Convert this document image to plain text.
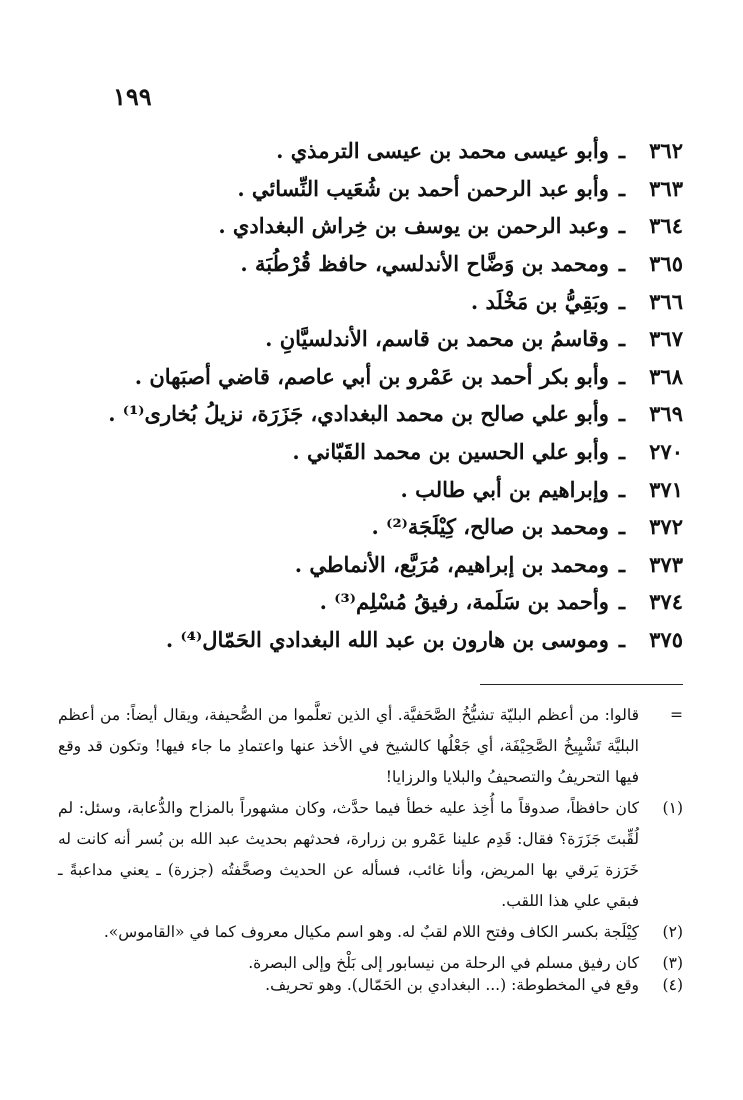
١٩٩
٣٦٢
ـ
وأبو عيسى محمد بن عيسى الترمذي .
٣٦٣
ـ
وأبو عبد الرحمن أحمد بن شُعَيب النِّسائي .
٣٦٤
ـ
وعبد الرحمن بن يوسف بن خِراش البغدادي .
٣٦٥
ـ
ومحمد بن وَضَّاح الأندلسي، حافظ قُرْطُبَة .
٣٦٦
ـ
وبَقِيُّ بن مَخْلَد .
٣٦٧
ـ
وقاسمُ بن محمد بن قاسم، الأندلسيَّانِ .
٣٦٨
ـ
وأبو بكر أحمد بن عَمْرو بن أبي عاصم، قاضي أصبَهان .
٣٦٩
ـ
وأبو علي صالح بن محمد البغدادي، جَزَرَة، نزيلُ بُخارى⁽¹⁾ .
٢٧٠
ـ
وأبو علي الحسين بن محمد القَبّاني .
٣٧١
ـ
وإبراهيم بن أبي طالب .
٣٧٢
ـ
ومحمد بن صالح، كِيْلَجَة⁽²⁾ .
٣٧٣
ـ
ومحمد بن إبراهيم، مُرَبَّع، الأنماطي .
٣٧٤
ـ
وأحمد بن سَلَمة، رفيقُ مُسْلِم⁽³⁾ .
٣٧٥
ـ
وموسى بن هارون بن عبد الله البغدادي الحَمّال⁽⁴⁾ .
=
قالوا: من أعظم البليّة تشيُّخُ الصَّحَفيَّة. أي الذين تعلَّموا من الصُّحيفة، ويقال أيضاً: من أعظم البليَّة تَشْيِيخُ الصَّحِيْفَة، أي جَعْلُها كالشيخ في الأخذ عنها واعتمادِ ما جاء فيها! وتكون قد وقع فيها التحريفُ والتصحيفُ والبلايا والرزايا!
(١)
كان حافظاً، صدوقاً ما أُخِذ عليه خطأ فيما حدَّث، وكان مشهوراً بالمزاح والدُّعابة، وسئل: لم لُقِّبتَ جَزَرَة؟ فقال: قَدِم علينا عَمْرو بن زرارة، فحدثهم بحديث عبد الله بن بُسر أنه كانت له خَرَزة يَرقي بها المريض، وأنا غائب، فسأله عن الحديث وصحَّفتُه (جزرة) ـ يعني مداعبةً ـ فبقي علي هذا اللقب.
(٢)
كِيْلَجة بكسر الكاف وفتح اللام لقبٌ له. وهو اسم مكيال معروف كما في «القاموس».
(٣)
كان رفيق مسلم في الرحلة من نيسابور إلى بَلْخ وإلى البصرة.
(٤)
وقع في المخطوطة: (... البغدادي بن الحَمّال). وهو تحريف.
